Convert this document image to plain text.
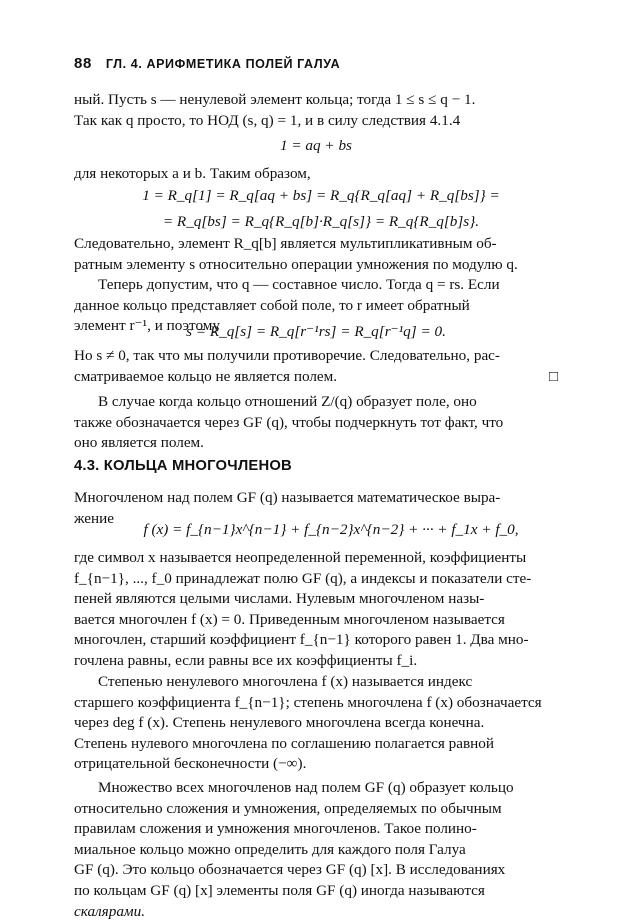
88 ГЛ. 4. АРИФМЕТИКА ПОЛЕЙ ГАЛУА

ный. Пусть s — ненулевой элемент кольца; тогда 1 ≤ s ≤ q − 1.
Так как q просто, то НОД (s, q) = 1, и в силу следствия 4.1.4

1 = aq + bs

для некоторых a и b. Таким образом,

1 = R_q[1] = R_q[aq + bs] = R_q{R_q[aq] + R_q[bs]} =

= R_q[bs] = R_q{R_q[b]·R_q[s]} = R_q{R_q[b]s}.

Следовательно, элемент R_q[b] является мультипликативным об-
ратным элементу s относительно операции умножения по модулю q.
Теперь допустим, что q — составное число. Тогда q = rs. Если
данное кольцо представляет собой поле, то r имеет обратный
элемент r⁻¹, и поэтому

s = R_q[s] = R_q[r⁻¹rs] = R_q[r⁻¹q] = 0.

Но s ≠ 0, так что мы получили противоречие. Следовательно, рас-
сматриваемое кольцо не является полем.	□

В случае когда кольцо отношений Z/(q) образует поле, оно
также обозначается через GF (q), чтобы подчеркнуть тот факт, что
оно является полем.

4.3. КОЛЬЦА МНОГОЧЛЕНОВ

Многочленом над полем GF (q) называется математическое выра-
жение

f (x) = f_{n−1}x^{n−1} + f_{n−2}x^{n−2} + ··· + f_1x + f_0,

где символ x называется неопределенной переменной, коэффициенты
f_{n−1}, ..., f_0 принадлежат полю GF (q), а индексы и показатели сте-
пеней являются целыми числами. Нулевым многочленом назы-
вается многочлен f (x) = 0. Приведенным многочленом называется
многочлен, старший коэффициент f_{n−1} которого равен 1. Два мно-
гочлена равны, если равны все их коэффициенты f_i.

Степенью ненулевого многочлена f (x) называется индекс
старшего коэффициента f_{n−1}; степень многочлена f (x) обозначается
через deg f (x). Степень ненулевого многочлена всегда конечна.
Степень нулевого многочлена по соглашению полагается равной
отрицательной бесконечности (−∞).

Множество всех многочленов над полем GF (q) образует кольцо
относительно сложения и умножения, определяемых по обычным
правилам сложения и умножения многочленов. Такое полино-
миальное кольцо можно определить для каждого поля Галуа
GF (q). Это кольцо обозначается через GF (q) [x]. В исследованиях
по кольцам GF (q) [x] элементы поля GF (q) иногда называются
скалярами.
